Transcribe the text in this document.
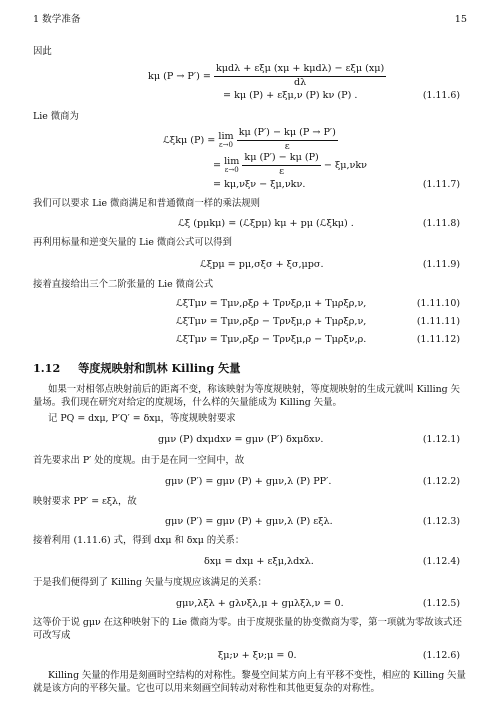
1 数学准备	15
因此
kμ $(P \to P') = \frac{\text{kμdλ + εξμ (xμ + kμdλ) − εξμ (xμ)}}{d\lambda}$
= kμ (P) + εξμ,ν (P) kν (P) .	(1.11.6)
Lie 微商为
ℒξkμ (P) = lim
ε→0
$\frac{k\mu (P') - k\mu (P \to P')}{\varepsilon}$
= lim
ε→0
$\frac{k\mu (P') - k\mu (P)}{\varepsilon} - \xi\mu,\nu k\nu$
= kμ,νξν − ξμ,νkν.	(1.11.7)
我们可以要求 Lie 微商满足和普通微商一样的乘法规则
ℒξ (pμkμ) = (ℒξpμ) kμ + pμ (ℒξkμ) .	(1.11.8)
再利用标量和逆变矢量的 Lie 微商公式可以得到
ℒξpμ = pμ,σξσ + ξσ,μpσ.	(1.11.9)
接着直接给出三个二阶张量的 Lie 微商公式
ℒξTμν = Tμν,ρξρ + Tρνξρ,μ + Tμρξρ,ν,	(1.11.10)
ℒξTμν = Tμν,ρξρ − Tρνξμ,ρ + Tμρξρ,ν,	(1.11.11)
ℒξTμν = Tμν,ρξρ − Tρνξμ,ρ − Tμρξν,ρ.	(1.11.12)
1.12 等度规映射和凯林 Killing 矢量
如果一对相邻点映射前后的距离不变，称该映射为等度规映射，等度规映射的生成元就叫 Killing 矢量场。我们现在研究对给定的度规场，什么样的矢量能成为 Killing 矢量。
记 PQ = dxμ, P′Q′ = δxμ，等度规映射要求
gμν (P) dxμdxν = gμν (P′) δxμδxν.	(1.12.1)
首先要求出 P′ 处的度规。由于是在同一空间中，故
gμν (P′) = gμν (P) + gμν,λ (P) PP′.	(1.12.2)
映射要求 PP′ = εξλ，故
gμν (P′) = gμν (P) + gμν,λ (P) εξλ.	(1.12.3)
接着利用 (1.11.6) 式，得到 dxμ 和 δxμ 的关系：
δxμ = dxμ + εξμ,λdxλ.	(1.12.4)
于是我们便得到了 Killing 矢量与度规应该满足的关系：
gμν,λξλ + gλνξλ,μ + gμλξλ,ν = 0.	(1.12.5)
这等价于说 gμν 在这种映射下的 Lie 微商为零。由于度规张量的协变微商为零，第一项就为零故该式还可改写成
ξμ;ν + ξν;μ = 0.	(1.12.6)
Killing 矢量的作用是刻画时空结构的对称性。黎曼空间某方向上有平移不变性，相应的 Killing 矢量就是该方向的平移矢量。它也可以用来刻画空间转动对称性和其他更复杂的对称性。
